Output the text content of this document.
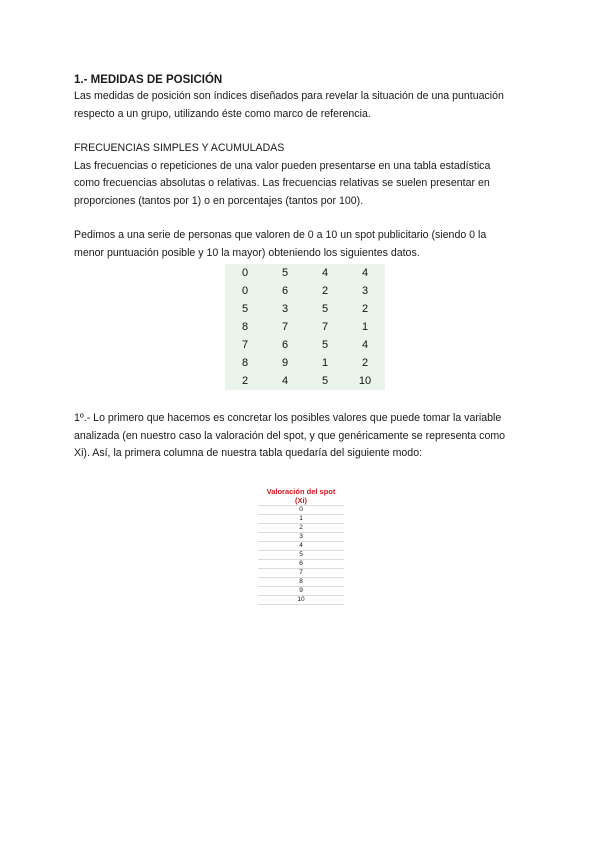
1.- MEDIDAS DE POSICIÓN

Las medidas de posición son índices diseñados para revelar la situación de una puntuación

respecto a un grupo, utilizando éste como marco de referencia.

FRECUENCIAS SIMPLES Y ACUMULADAS

Las frecuencias o repeticiones de una valor pueden presentarse en una tabla estadística

como frecuencias absolutas o relativas. Las frecuencias relativas se suelen presentar en

proporciones (tantos por 1) o en porcentajes (tantos por 100).

Pedimos a una serie de personas que valoren de 0 a 10 un spot publicitario (siendo 0 la

menor puntuación posible y 10 la mayor) obteniendo los siguientes datos.

0	5	4	4
0	6	2	3
5	3	5	2
8	7	7	1
7	6	5	4
8	9	1	2
2	4	5	10

1º.- Lo primero que hacemos es concretar los posibles valores que puede tomar la variable

analizada (en nuestro caso la valoración del spot, y que genéricamente se representa como

Xi). Así, la primera columna de nuestra tabla quedaría del siguiente modo:

Valoración del spot
(Xi)

0
1
2
3
4
5
6
7
8
9
10
